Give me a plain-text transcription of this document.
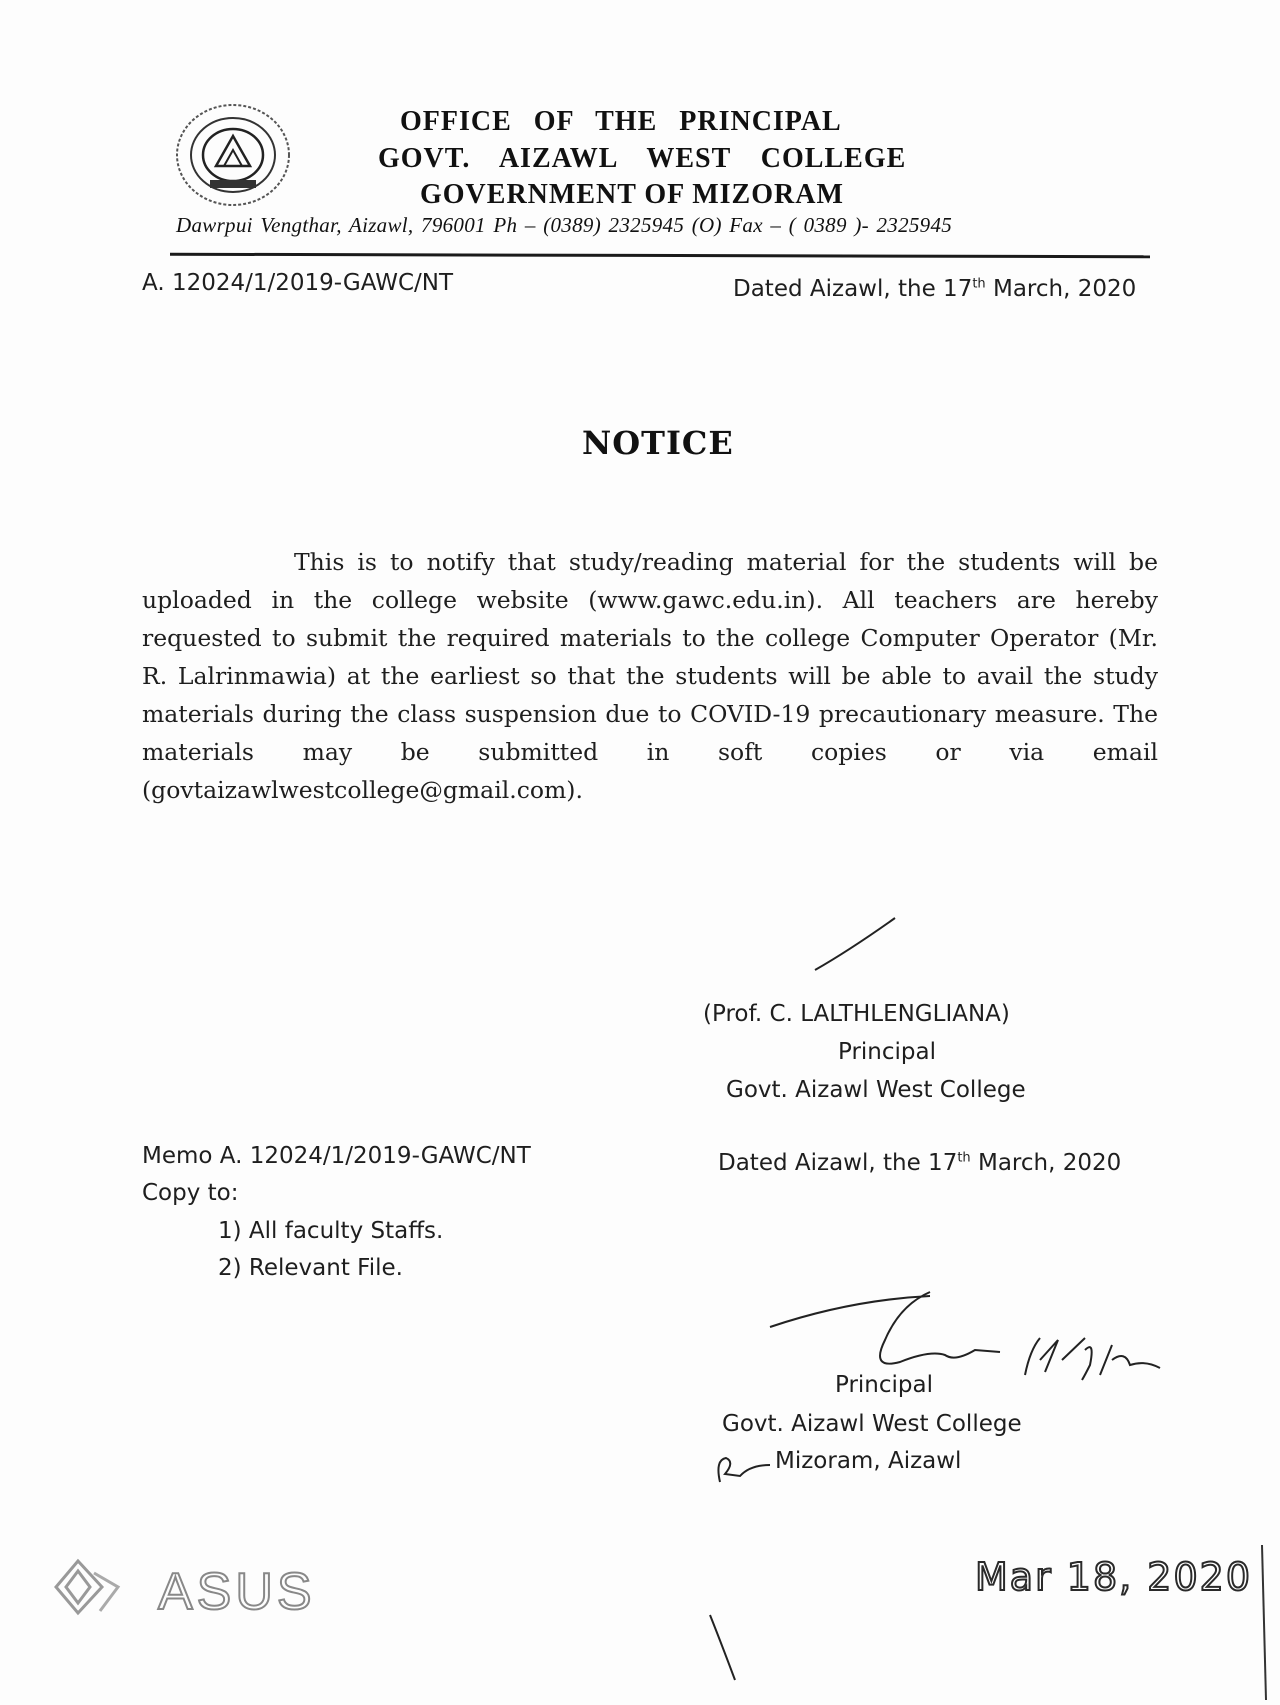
OFFICE OF THE PRINCIPAL
GOVT. AIZAWL WEST COLLEGE
GOVERNMENT OF MIZORAM
Dawrpui Vengthar, Aizawl, 796001 Ph – (0389) 2325945 (O) Fax – ( 0389 )- 2325945
A. 12024/1/2019-GAWC/NT	Dated Aizawl, the 17th March, 2020
NOTICE
This is to notify that study/reading material for the students will be uploaded in the college website (www.gawc.edu.in). All teachers are hereby requested to submit the required materials to the college Computer Operator (Mr. R. Lalrinmawia) at the earliest so that the students will be able to avail the study materials during the class suspension due to COVID-19 precautionary measure. The materials may be submitted in soft copies or via email (govtaizawlwestcollege@gmail.com).
(Prof. C. LALTHLENGLIANA)
Principal
Govt. Aizawl West College
Memo A. 12024/1/2019-GAWC/NT
Copy to:
1) All faculty Staffs.
2) Relevant File.
Dated Aizawl, the 17th March, 2020
Principal
Govt. Aizawl West College
Mizoram, Aizawl
ASUS	Mar 18, 2020
